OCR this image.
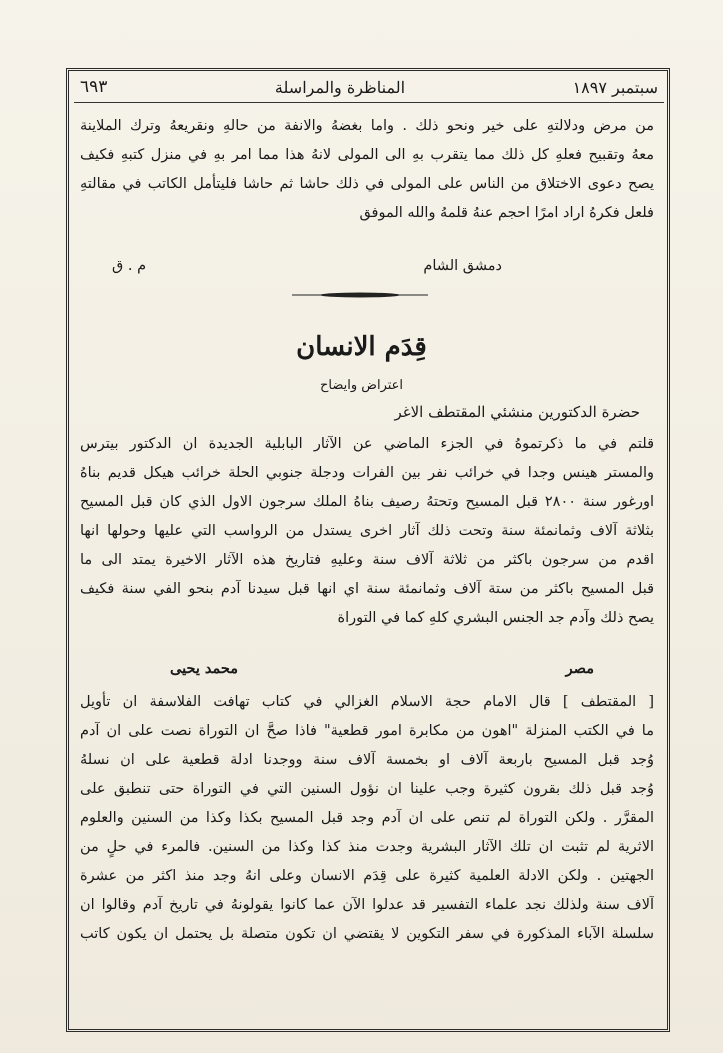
سبتمبر ١٨٩٧
المناظرة والمراسلة
٦٩٣
من مرض ودلالتهِ على خير ونحو ذلك . واما بغضهُ والانفة من حالهِ ونقريعهُ وترك الملاينة
معهُ وتقبيح فعلهِ كل ذلك مما يتقرب بهِ الى المولى لانهُ هذا مما امر بهِ في منزل كتبهِ فكيف
يصح دعوى الاختلاق من الناس على المولى في ذلك حاشا ثم حاشا فليتأمل الكاتب في مقالتهِ
فلعل فكرهُ اراد امرًا احجم عنهُ قلمهُ والله الموفق
دمشق الشام
م . ق
قِدَم الانسان
اعتراض وايضاح
حضرة الدكتورين منشئي المقتطف الاغر
قلتم في ما ذكرتموهُ في الجزء الماضي عن الآثار البابلية الجديدة ان الدكتور بيترس
والمستر هينس وجدا في خرائب نفر بين الفرات ودجلة جنوبي الحلة خرائب هيكل قديم بناهُ
اورغور سنة ٢٨٠٠ قبل المسيح وتحتهُ رصيف بناهُ الملك سرجون الاول الذي كان قبل المسيح
بثلاثة آلاف وثمانمئة سنة وتحت ذلك آثار اخرى يستدل من الرواسب التي عليها وحولها انها
اقدم من سرجون باكثر من ثلاثة آلاف سنة وعليهِ فتاريخ هذه الآثار الاخيرة يمتد الى ما
قبل المسيح باكثر من ستة آلاف وثمانمئة سنة اي انها قبل سيدنا آدم بنحو الفي سنة فكيف
يصح ذلك وآدم جد الجنس البشري كلهِ كما في التوراة
مصر
محمد يحيى
[ المقتطف ] قال الامام حجة الاسلام الغزالي في كتاب تهافت الفلاسفة ان تأويل
ما في الكتب المنزلة "اهون من مكابرة امور قطعية" فاذا صحَّ ان التوراة نصت على ان آدم
وُجد قبل المسيح باربعة آلاف او بخمسة آلاف سنة ووجدنا ادلة قطعية على ان نسلهُ
وُجد قبل ذلك بقرون كثيرة وجب علينا ان نؤول السنين التي في التوراة حتى تنطبق على
المقرَّر . ولكن التوراة لم تنص على ان آدم وجد قبل المسيح بكذا وكذا من السنين والعلوم
الاثرية لم تثبت ان تلك الآثار البشرية وجدت منذ كذا وكذا من السنين. فالمرء في حلٍ من
الجهتين . ولكن الادلة العلمية كثيرة على قِدَم الانسان وعلى انهُ وجد منذ اكثر من عشرة
آلاف سنة ولذلك نجد علماء التفسير قد عدلوا الآن عما كانوا يقولونهُ في تاريخ آدم وقالوا ان
سلسلة الآباء المذكورة في سفر التكوين لا يقتضي ان تكون متصلة بل يحتمل ان يكون كاتب
